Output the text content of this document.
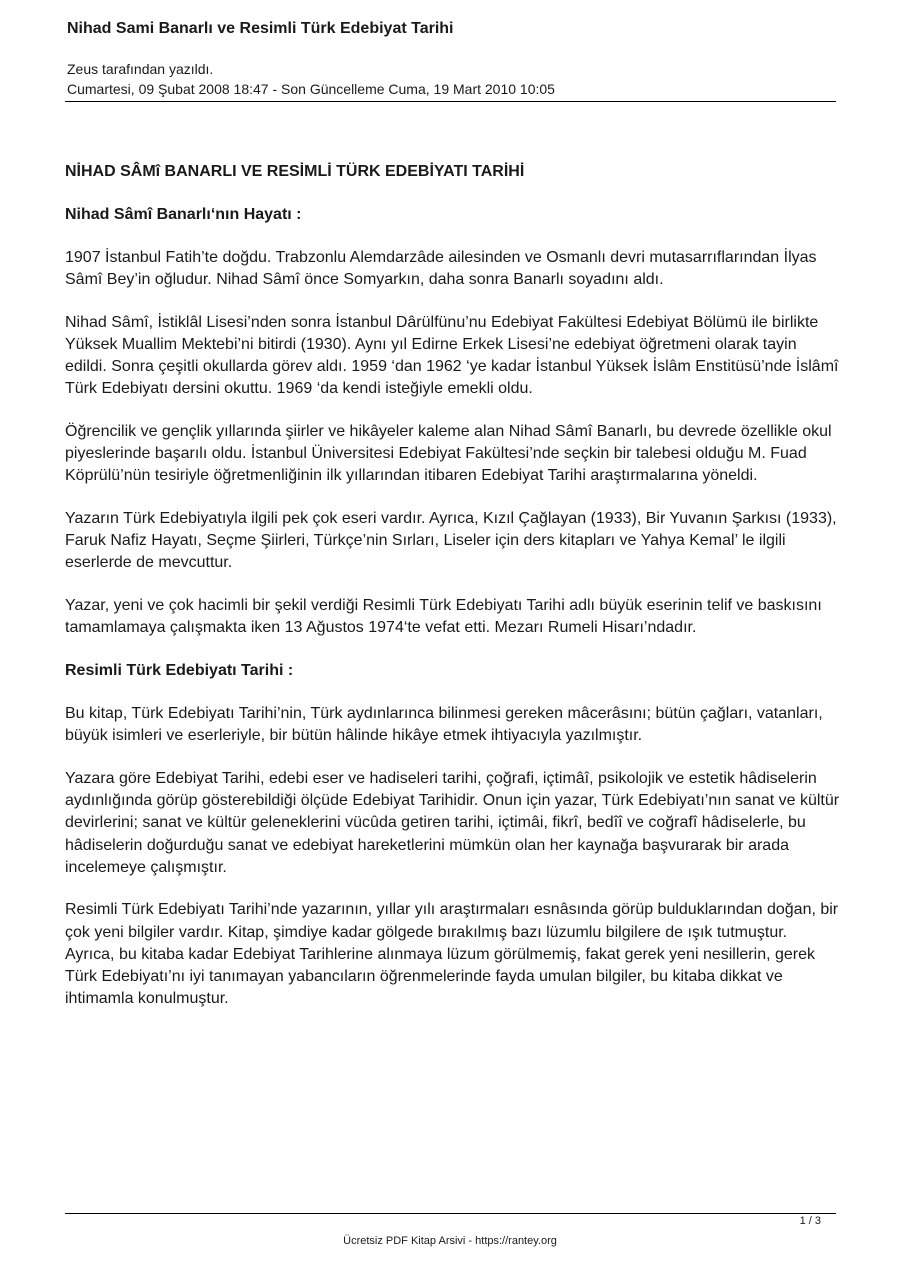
Nihad Sami Banarlı ve Resimli Türk Edebiyat Tarihi
Zeus tarafından yazıldı.
Cumartesi, 09 Şubat 2008 18:47 - Son Güncelleme Cuma, 19 Mart 2010 10:05
NİHAD SÂMî BANARLI VE RESİMLİ TÜRK EDEBİYATI TARİHİ
Nihad Sâmî Banarlı‘nın Hayatı :

1907 İstanbul Fatih’te doğdu. Trabzonlu Alemdarzâde ailesinden ve Osmanlı devri mutasarrıflarından İlyas Sâmî Bey’in oğludur. Nihad Sâmî önce Somyarkın, daha sonra Banarlı soyadını aldı.

Nihad Sâmî, İstiklâl Lisesi’nden sonra İstanbul Dârülfünu’nu Edebiyat Fakültesi Edebiyat Bölümü ile birlikte Yüksek Muallim Mektebi’ni bitirdi (1930). Aynı yıl Edirne Erkek Lisesi’ne edebiyat öğretmeni olarak tayin edildi. Sonra çeşitli okullarda görev aldı. 1959 ‘dan 1962 ‘ye kadar İstanbul Yüksek İslâm Enstitüsü’nde İslâmî Türk Edebiyatı dersini okuttu. 1969 ‘da kendi isteğiyle emekli oldu.

Öğrencilik ve gençlik yıllarında şiirler ve hikâyeler kaleme alan Nihad Sâmî Banarlı, bu devrede özellikle okul piyeslerinde başarılı oldu. İstanbul Üniversitesi Edebiyat Fakültesi’nde seçkin bir talebesi olduğu M. Fuad Köprülü’nün tesiriyle öğretmenliğinin ilk yıllarından itibaren Edebiyat Tarihi araştırmalarına yöneldi.

Yazarın Türk Edebiyatıyla ilgili pek çok eseri vardır. Ayrıca, Kızıl Çağlayan (1933), Bir Yuvanın Şarkısı (1933), Faruk Nafiz Hayatı, Seçme Şiirleri, Türkçe’nin Sırları, Liseler için ders kitapları ve Yahya Kemal’ le ilgili eserlerde de mevcuttur.

Yazar, yeni ve çok hacimli bir şekil verdiği Resimli Türk Edebiyatı Tarihi adlı büyük eserinin telif ve baskısını tamamlamaya çalışmakta iken 13 Ağustos 1974‘te vefat etti. Mezarı Rumeli Hisarı’ndadır.

Resimli Türk Edebiyatı Tarihi :

Bu kitap, Türk Edebiyatı Tarihi’nin, Türk aydınlarınca bilinmesi gereken mâcerâsını; bütün çağları, vatanları, büyük isimleri ve eserleriyle, bir bütün hâlinde hikâye etmek ihtiyacıyla yazılmıştır.

Yazara göre Edebiyat Tarihi, edebi eser ve hadiseleri tarihi, çoğrafi, içtimâî, psikolojik ve estetik hâdiselerin aydınlığında görüp gösterebildiği ölçüde Edebiyat Tarihidir. Onun için yazar, Türk Edebiyatı’nın sanat ve kültür devirlerini; sanat ve kültür geleneklerini vücûda getiren tarihi, içtimâi, fikrî, bedîî ve coğrafî hâdiselerle, bu hâdiselerin doğurduğu sanat ve edebiyat hareketlerini mümkün olan her kaynağa başvurarak bir arada incelemeye çalışmıştır.

Resimli Türk Edebiyatı Tarihi’nde yazarının, yıllar yılı araştırmaları esnâsında görüp bulduklarından doğan, bir çok yeni bilgiler vardır. Kitap, şimdiye kadar gölgede bırakılmış bazı lüzumlu bilgilere de ışık tutmuştur. Ayrıca, bu kitaba kadar Edebiyat Tarihlerine alınmaya lüzum görülmemiş, fakat gerek yeni nesillerin, gerek Türk Edebiyatı’nı iyi tanımayan yabancıların öğrenmelerinde fayda umulan bilgiler, bu kitaba dikkat ve ihtimamla konulmuştur.

1 / 3
Ücretsiz PDF Kitap Arsivi - https://rantey.org
